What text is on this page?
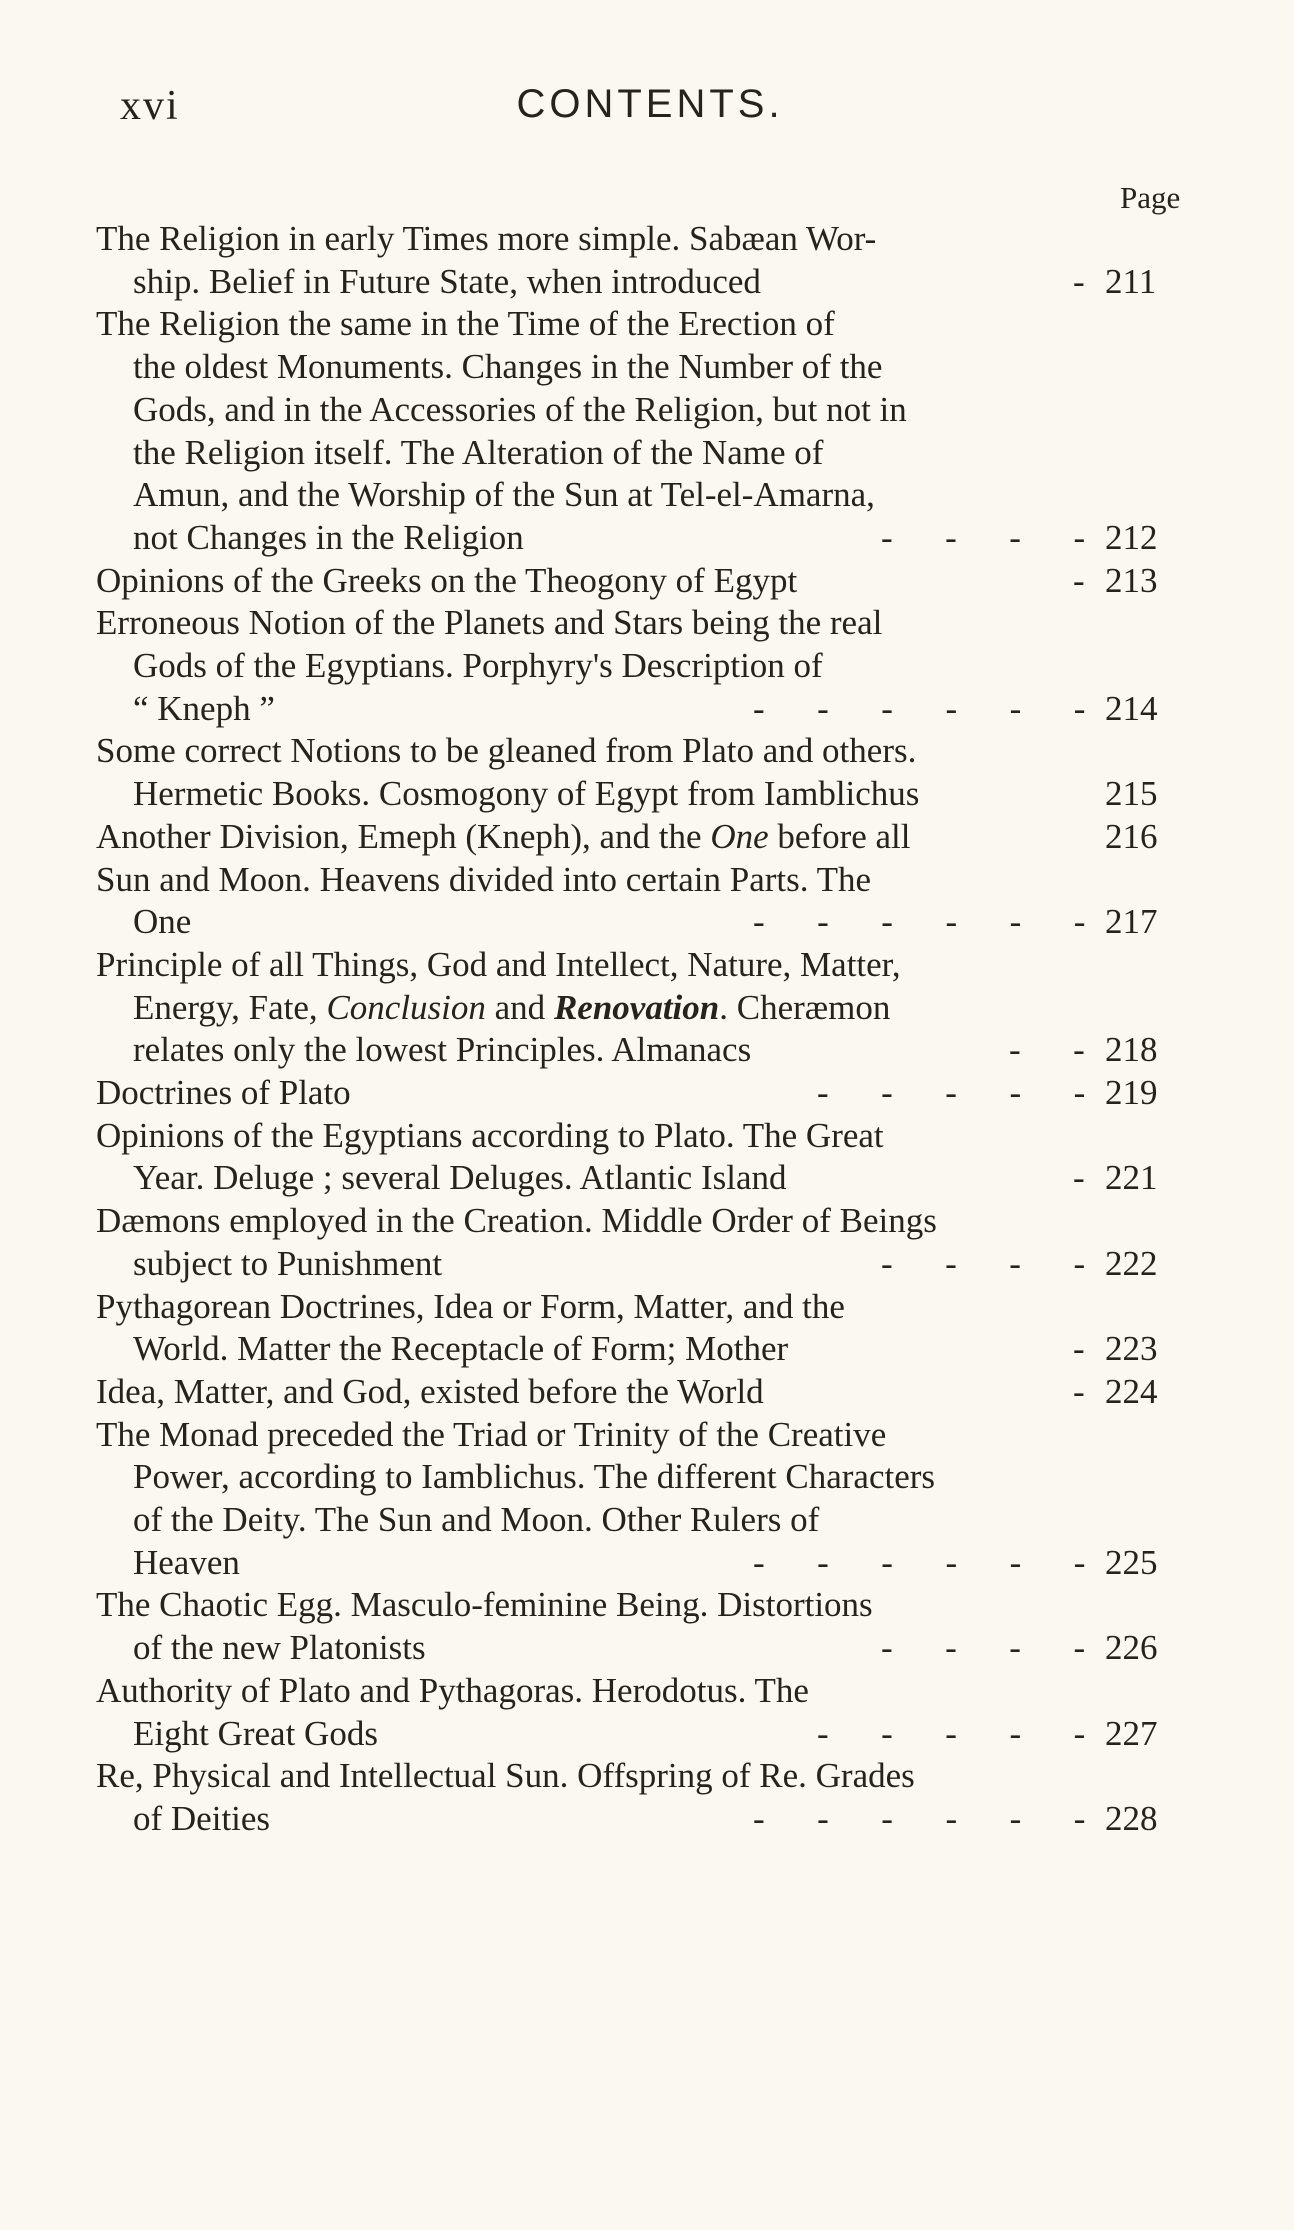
xvi	CONTENTS.
Page
The Religion in early Times more simple. Sabæan Wor-
ship. Belief in Future State, when introduced	- 211
The Religion the same in the Time of the Erection of
the oldest Monuments. Changes in the Number of the
Gods, and in the Accessories of the Religion, but not in
the Religion itself. The Alteration of the Name of
Amun, and the Worship of the Sun at Tel-el-Amarna,
not Changes in the Religion	-      -      -      - 212
Opinions of the Greeks on the Theogony of Egypt	- 213
Erroneous Notion of the Planets and Stars being the real
Gods of the Egyptians. Porphyry's Description of
“ Kneph ”	-      -      -      -      -      - 214
Some correct Notions to be gleaned from Plato and others.
Hermetic Books. Cosmogony of Egypt from Iamblichus	215
Another Division, Emeph (Kneph), and the One before all	216
Sun and Moon. Heavens divided into certain Parts. The
One	-      -      -      -      -      - 217
Principle of all Things, God and Intellect, Nature, Matter,
Energy, Fate, Conclusion and Renovation. Cheræmon
relates only the lowest Principles. Almanacs	-      - 218
Doctrines of Plato	-      -      -      -      - 219
Opinions of the Egyptians according to Plato. The Great
Year. Deluge ; several Deluges. Atlantic Island	- 221
Dæmons employed in the Creation. Middle Order of Beings
subject to Punishment	-      -      -      - 222
Pythagorean Doctrines, Idea or Form, Matter, and the
World. Matter the Receptacle of Form; Mother	- 223
Idea, Matter, and God, existed before the World	- 224
The Monad preceded the Triad or Trinity of the Creative
Power, according to Iamblichus. The different Characters
of the Deity. The Sun and Moon. Other Rulers of
Heaven	-      -      -      -      -      - 225
The Chaotic Egg. Masculo-feminine Being. Distortions
of the new Platonists	-      -      -      - 226
Authority of Plato and Pythagoras. Herodotus. The
Eight Great Gods	-      -      -      -      - 227
Re, Physical and Intellectual Sun. Offspring of Re. Grades
of Deities	-      -      -      -      -      - 228
